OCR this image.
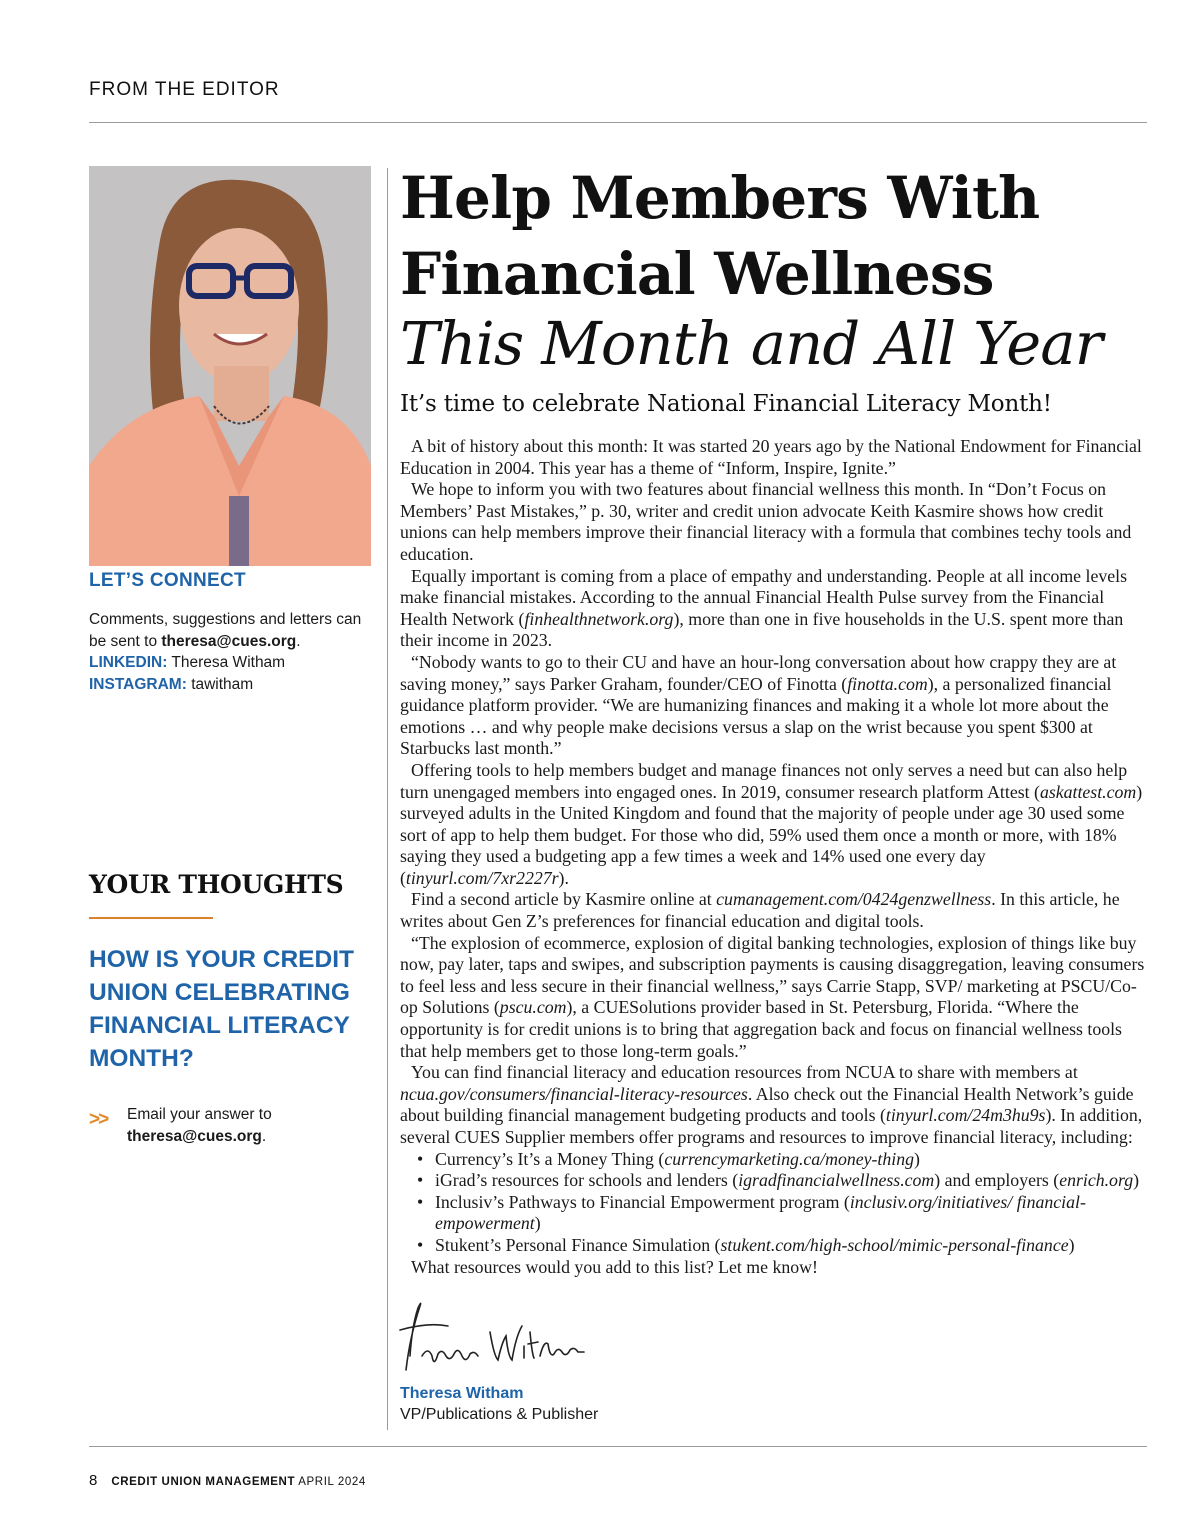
FROM THE EDITOR
LET’S CONNECT
Comments, suggestions and letters can be sent to theresa@cues.org.
LINKEDIN: Theresa Witham
INSTAGRAM: tawitham
YOUR THOUGHTS
HOW IS YOUR CREDIT UNION CELEBRATING FINANCIAL LITERACY MONTH?
>> Email your answer to
theresa@cues.org.
Help Members With
Financial Wellness
This Month and All Year
It’s time to celebrate National Financial Literacy Month!

A bit of history about this month: It was started 20 years ago by the National Endowment for Financial Education in 2004. This year has a theme of “Inform, Inspire, Ignite.”

We hope to inform you with two features about financial wellness this month. In “Don’t Focus on Members’ Past Mistakes,” p. 30, writer and credit union advocate Keith Kasmire shows how credit unions can help members improve their financial literacy with a formula that combines techy tools and education.

Equally important is coming from a place of empathy and understanding. People at all income levels make financial mistakes. According to the annual Financial Health Pulse survey from the Financial Health Network (finhealthnetwork.org), more than one in five households in the U.S. spent more than their income in 2023.

“Nobody wants to go to their CU and have an hour-long conversation about how crappy they are at saving money,” says Parker Graham, founder/CEO of Finotta (finotta.com), a personalized financial guidance platform provider. “We are humanizing finances and making it a whole lot more about the emotions … and why people make decisions versus a slap on the wrist because you spent $300 at Starbucks last month.”

Offering tools to help members budget and manage finances not only serves a need but can also help turn unengaged members into engaged ones. In 2019, consumer research platform Attest (askattest.com) surveyed adults in the United Kingdom and found that the majority of people under age 30 used some sort of app to help them budget. For those who did, 59% used them once a month or more, with 18% saying they used a budgeting app a few times a week and 14% used one every day (tinyurl.com/7xr2227r).

Find a second article by Kasmire online at cumanagement.com/0424genzwellness. In this article, he writes about Gen Z’s preferences for financial education and digital tools.

“The explosion of ecommerce, explosion of digital banking technologies, explosion of things like buy now, pay later, taps and swipes, and subscription payments is causing disaggregation, leaving consumers to feel less and less secure in their financial wellness,” says Carrie Stapp, SVP/ marketing at PSCU/Co-op Solutions (pscu.com), a CUESolutions provider based in St. Petersburg, Florida. “Where the opportunity is for credit unions is to bring that aggregation back and focus on financial wellness tools that help members get to those long-term goals.”

You can find financial literacy and education resources from NCUA to share with members at ncua.gov/consumers/financial-literacy-resources. Also check out the Financial Health Network’s guide about building financial management budgeting products and tools (tinyurl.com/24m3hu9s). In addition, several CUES Supplier members offer programs and resources to improve financial literacy, including:

• Currency’s It’s a Money Thing (currencymarketing.ca/money-thing)
• iGrad’s resources for schools and lenders (igradfinancialwellness.com) and employers (enrich.org)
• Inclusiv’s Pathways to Financial Empowerment program (inclusiv.org/initiatives/ financial-empowerment)
• Stukent’s Personal Finance Simulation (stukent.com/high-school/mimic-personal-finance)

What resources would you add to this list? Let me know!

Theresa Witham
VP/Publications & Publisher
8 CREDIT UNION MANAGEMENT APRIL 2024
